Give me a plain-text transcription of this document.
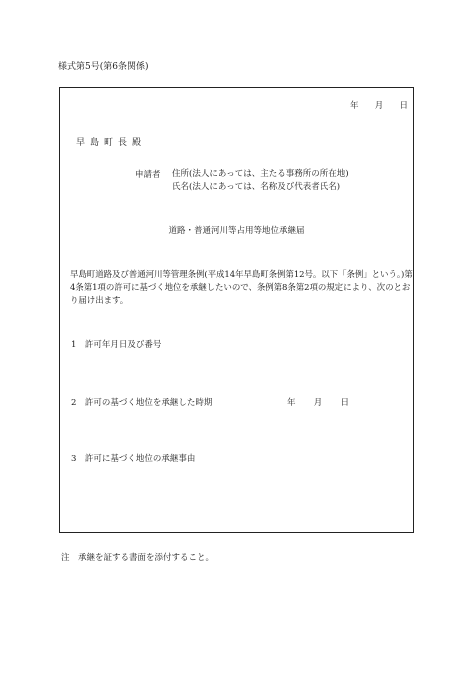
様式第5号(第6条関係)
年 月 日
早島町長殿
申請者 住所(法人にあっては、主たる事務所の所在地)
氏名(法人にあっては、名称及び代表者氏名)
道路・普通河川等占用等地位承継届
早島町道路及び普通河川等管理条例(平成14年早島町条例第12号。以下「条例」という。)第4条第1項の許可に基づく地位を承継したいので、条例第8条第2項の規定により、次のとおり届け出ます。
1　許可年月日及び番号
2　許可の基づく地位を承継した時期	年 月 日
3　許可に基づく地位の承継事由
注　承継を証する書面を添付すること。
